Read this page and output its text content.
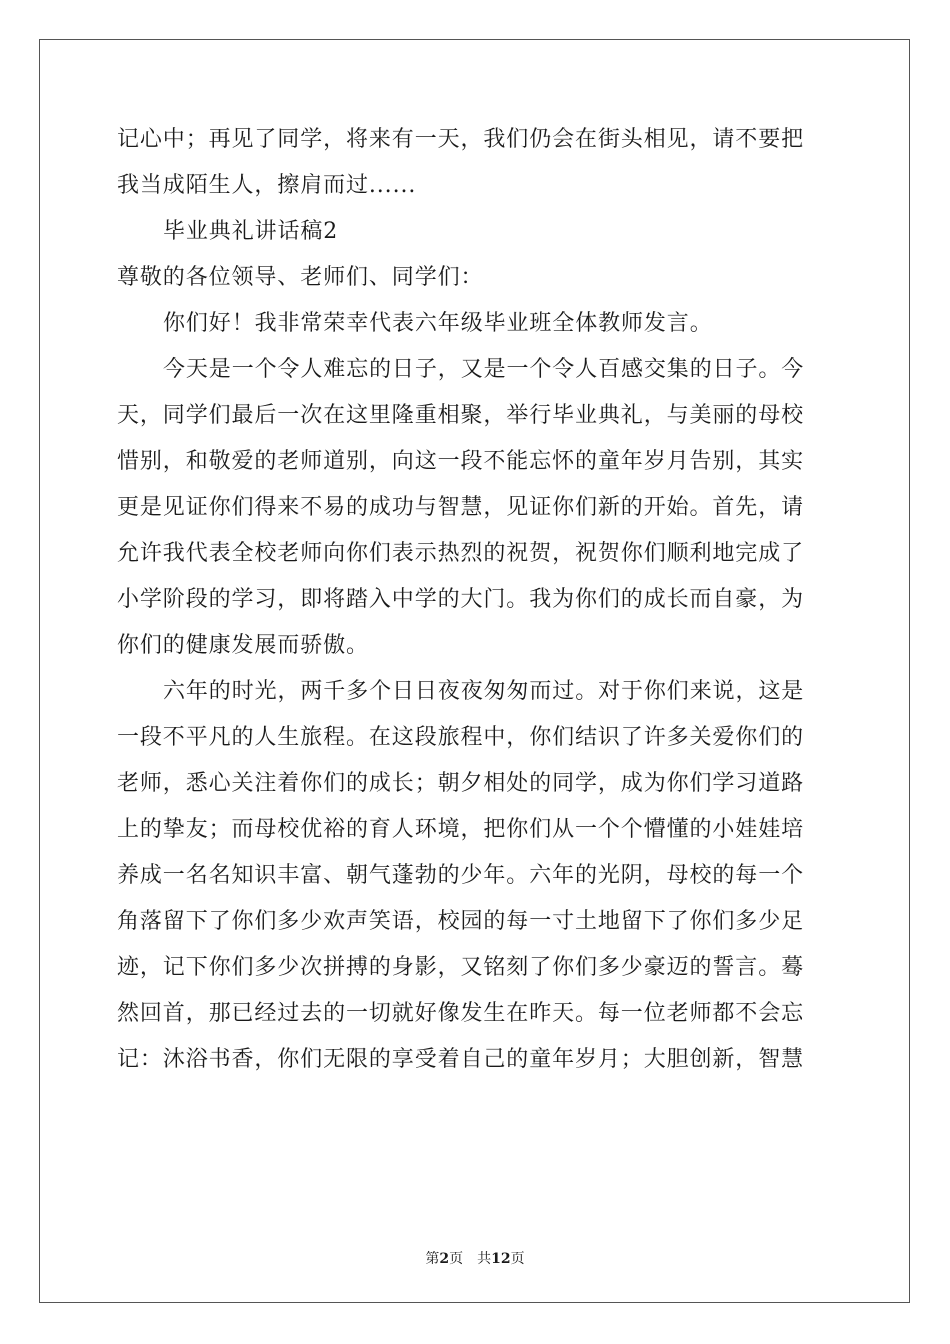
记心中；再见了同学，将来有一天，我们仍会在街头相见，请不要把
我当成陌生人，擦肩而过......
毕业典礼讲话稿2
尊敬的各位领导、老师们、同学们：
你们好！我非常荣幸代表六年级毕业班全体教师发言。
今天是一个令人难忘的日子，又是一个令人百感交集的日子。今
天，同学们最后一次在这里隆重相聚，举行毕业典礼，与美丽的母校
惜别，和敬爱的老师道别，向这一段不能忘怀的童年岁月告别，其实
更是见证你们得来不易的成功与智慧，见证你们新的开始。首先，请
允许我代表全校老师向你们表示热烈的祝贺，祝贺你们顺利地完成了
小学阶段的学习，即将踏入中学的大门。我为你们的成长而自豪，为
你们的健康发展而骄傲。
六年的时光，两千多个日日夜夜匆匆而过。对于你们来说，这是
一段不平凡的人生旅程。在这段旅程中，你们结识了许多关爱你们的
老师，悉心关注着你们的成长；朝夕相处的同学，成为你们学习道路
上的挚友；而母校优裕的育人环境，把你们从一个个懵懂的小娃娃培
养成一名名知识丰富、朝气蓬勃的少年。六年的光阴，母校的每一个
角落留下了你们多少欢声笑语，校园的每一寸土地留下了你们多少足
迹，记下你们多少次拼搏的身影，又铭刻了你们多少豪迈的誓言。蓦
然回首，那已经过去的一切就好像发生在昨天。每一位老师都不会忘
记：沐浴书香，你们无限的享受着自己的童年岁月；大胆创新，智慧
第2页　共12页
